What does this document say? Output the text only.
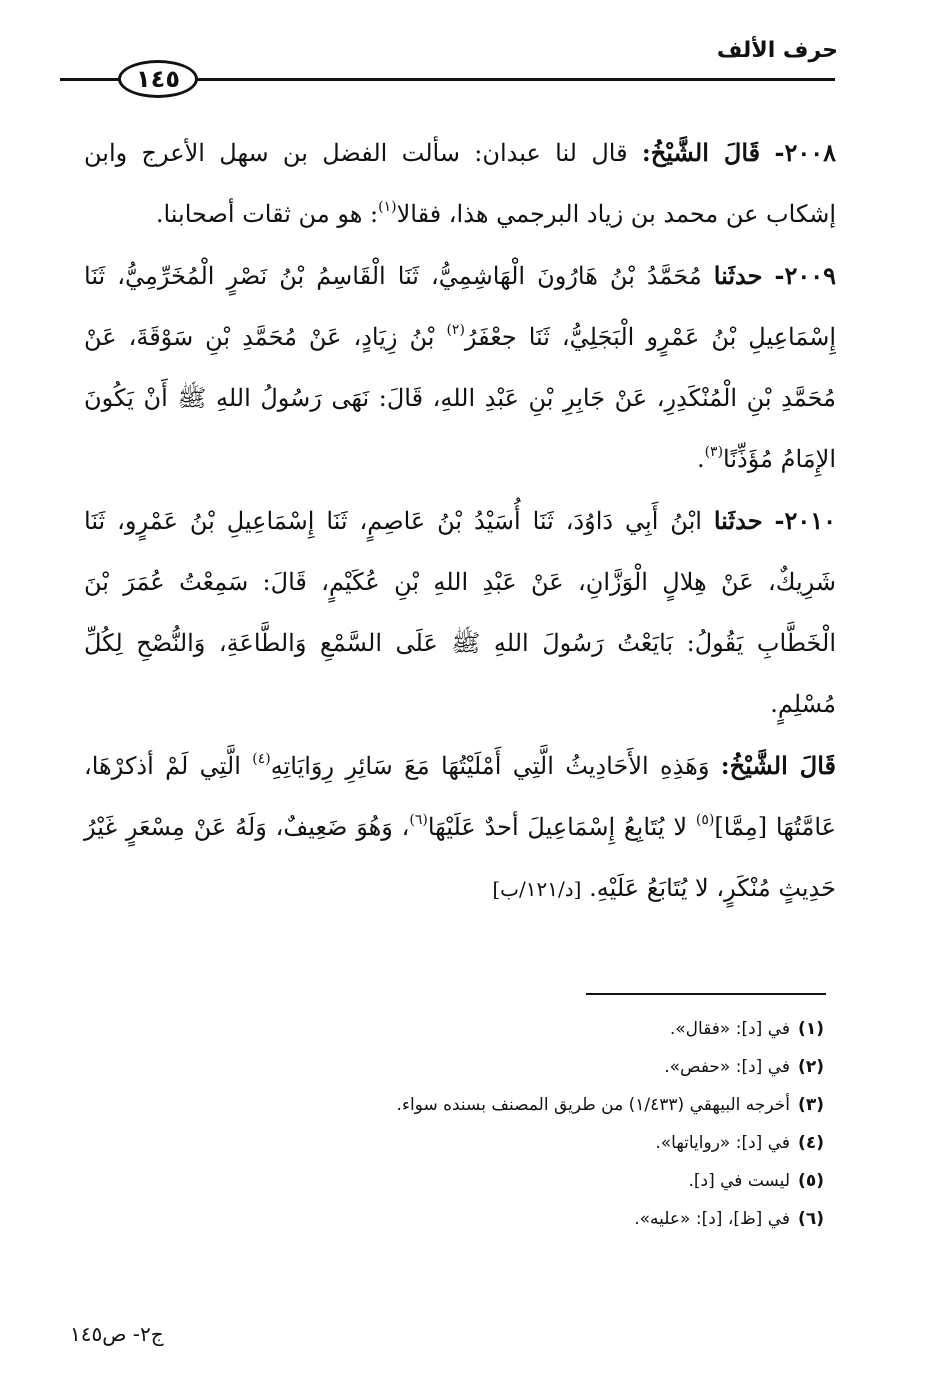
حرف الألف
١٤٥

٢٠٠٨- قَالَ الشَّيْخُ: قال لنا عبدان: سألت الفضل بن سهل الأعرج وابن إشكاب عن محمد بن زياد البرجمي هذا، فقالا$^{(١)}$: هو من ثقات أصحابنا.

٢٠٠٩- حدثَنا مُحَمَّدُ بْنُ هَارُونَ الْهَاشِمِيُّ، ثَنَا الْقَاسِمُ بْنُ نَصْرٍ الْمُخَرِّمِيُّ، ثَنَا إِسْمَاعِيلِ بْنُ عَمْرٍو الْبَجَلِيُّ، ثَنَا جعْفَرُ$^{(٢)}$ بْنُ زِيَادٍ، عَنْ مُحَمَّدِ بْنِ سَوْقَةَ، عَنْ مُحَمَّدِ بْنِ الْمُنْكَدِرِ، عَنْ جَابِرِ بْنِ عَبْدِ اللهِ، قَالَ: نَهَى رَسُولُ اللهِ ﷺ أَنْ يَكُونَ الإِمَامُ مُؤَذِّنًا$^{(٣)}$.

٢٠١٠- حدثَنا ابْنُ أَبِي دَاوُدَ، ثَنَا أُسَيْدُ بْنُ عَاصِمٍ، ثَنَا إِسْمَاعِيلِ بْنُ عَمْرٍو، ثَنَا شَرِيكٌ، عَنْ هِلالٍ الْوَزَّانِ، عَنْ عَبْدِ اللهِ بْنِ عُكَيْمٍ، قَالَ: سَمِعْتُ عُمَرَ بْنَ الْخَطَّابِ يَقُولُ: بَايَعْتُ رَسُولَ اللهِ ﷺ عَلَى السَّمْعِ وَالطَّاعَةِ، وَالنُّصْحِ لِكُلِّ مُسْلِمٍ.

قَالَ الشَّيْخُ: وَهَذِهِ الأَحَادِيثُ الَّتِي أَمْلَيْتُهَا مَعَ سَائِرِ رِوَايَاتِهِ$^{(٤)}$ الَّتِي لَمْ أذكرْهَا، عَامَّتُهَا [مِمَّا]$^{(٥)}$ لا يُتَابِعُ إِسْمَاعِيلَ أحدٌ عَلَيْهَا$^{(٦)}$، وَهُوَ ضَعِيفٌ، وَلَهُ عَنْ مِسْعَرٍ غَيْرُ حَدِيثٍ مُنْكَرٍ، لا يُتَابَعُ عَلَيْهِ. [د/١٢١/ب]

(١)في [د]: «فقال».
(٢)في [د]: «حفص».
(٣)أخرجه البيهقي (١/٤٣٣) من طريق المصنف بسنده سواء.
(٤)في [د]: «رواياتها».
(٥)ليست في [د].
(٦)في [ظ]، [د]: «عليه».
ج٢- ص١٤٥
